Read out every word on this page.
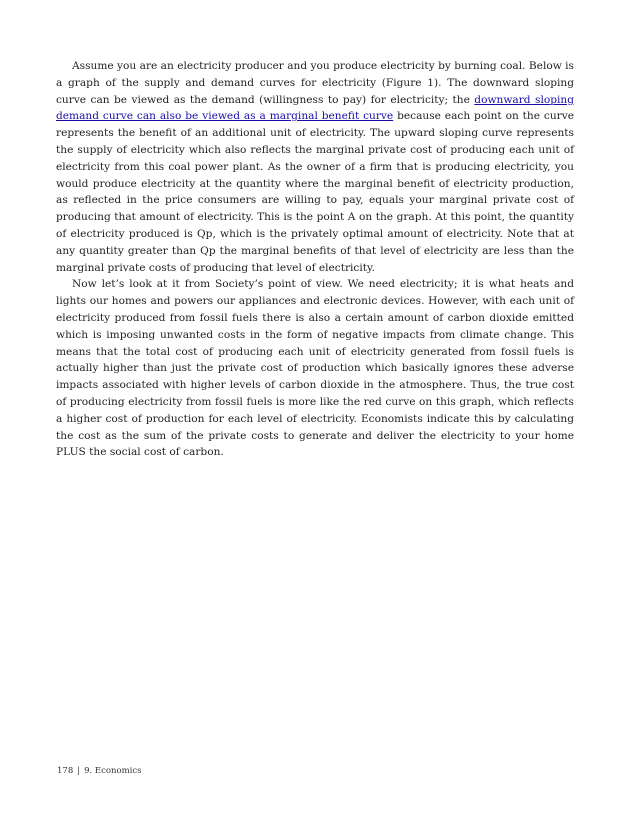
Assume you are an electricity producer and you produce electricity by burning coal. Below is a graph of the supply and demand curves for electricity (Figure 1). The downward sloping curve can be viewed as the demand (willingness to pay) for electricity; the downward sloping demand curve can also be viewed as a marginal benefit curve because each point on the curve represents the benefit of an additional unit of electricity. The upward sloping curve represents the supply of electricity which also reflects the marginal private cost of producing each unit of electricity from this coal power plant. As the owner of a firm that is producing electricity, you would produce electricity at the quantity where the marginal benefit of electricity production, as reflected in the price consumers are willing to pay, equals your marginal private cost of producing that amount of electricity. This is the point A on the graph. At this point, the quantity of electricity produced is Qp, which is the privately optimal amount of electricity. Note that at any quantity greater than Qp the marginal benefits of that level of electricity are less than the marginal private costs of producing that level of electricity.

Now let’s look at it from Society’s point of view. We need electricity; it is what heats and lights our homes and powers our appliances and electronic devices. However, with each unit of electricity produced from fossil fuels there is also a certain amount of carbon dioxide emitted which is imposing unwanted costs in the form of negative impacts from climate change. This means that the total cost of producing each unit of electricity generated from fossil fuels is actually higher than just the private cost of production which basically ignores these adverse impacts associated with higher levels of carbon dioxide in the atmosphere. Thus, the true cost of producing electricity from fossil fuels is more like the red curve on this graph, which reflects a higher cost of production for each level of electricity. Economists indicate this by calculating the cost as the sum of the private costs to generate and deliver the electricity to your home PLUS the social cost of carbon.

178 | 9. Economics
